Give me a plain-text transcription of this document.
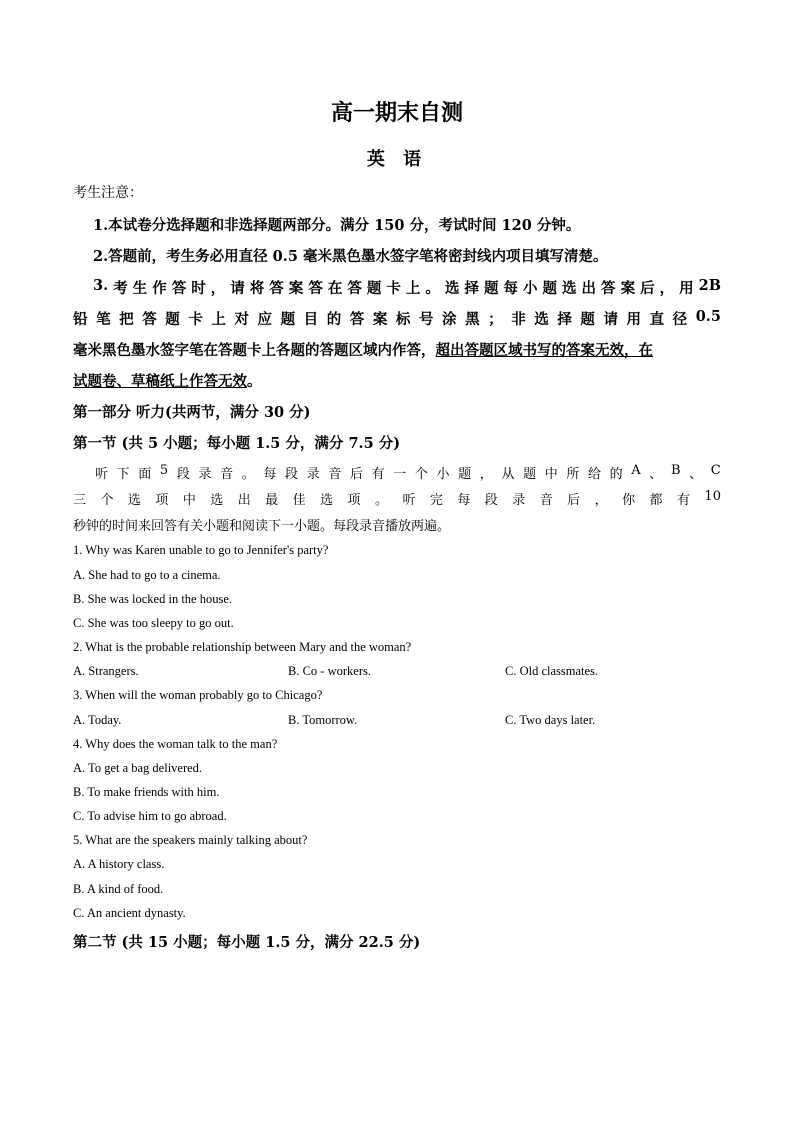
高一期末自测
英 语
考生注意：
1.本试卷分选择题和非选择题两部分。满分 150 分，考试时间 120 分钟。
2.答题前，考生务必用直径 0.5 毫米黑色墨水签字笔将密封线内项目填写清楚。
3. 考 生 作 答 时 ， 请 将 答 案 答 在 答 题 卡 上 。 选 择 题 每 小 题 选 出 答 案 后 ， 用 2B
铅 笔 把 答 题 卡 上 对 应 题 目 的 答 案 标 号 涂 黑 ； 非 选 择 题 请 用 直 径 0.5
毫米黑色墨水签字笔在答题卡上各题的答题区域内作答，超出答题区域书写的答案无效，在
试题卷、草稿纸上作答无效。
第一部分 听力(共两节，满分 30 分)
第一节 (共 5 小题；每小题 1.5 分，满分 7.5 分)
听 下 面 5 段 录 音 。 每 段 录 音 后 有 一 个 小 题 ， 从 题 中 所 给 的 A 、 B 、 C
三 个 选 项 中 选 出 最 佳 选 项 。 听 完 每 段 录 音 后 ， 你 都 有 10
秒钟的时间来回答有关小题和阅读下一小题。每段录音播放两遍。
1. Why was Karen unable to go to Jennifer's party?
A. She had to go to a cinema.
B. She was locked in the house.
C. She was too sleepy to go out.
2. What is the probable relationship between Mary and the woman?
A. Strangers.	B. Co - workers.	C. Old classmates.
3. When will the woman probably go to Chicago?
A. Today.	B. Tomorrow.	C. Two days later.
4. Why does the woman talk to the man?
A. To get a bag delivered.
B. To make friends with him.
C. To advise him to go abroad.
5. What are the speakers mainly talking about?
A. A history class.
B. A kind of food.
C. An ancient dynasty.
第二节 (共 15 小题；每小题 1.5 分，满分 22.5 分)
